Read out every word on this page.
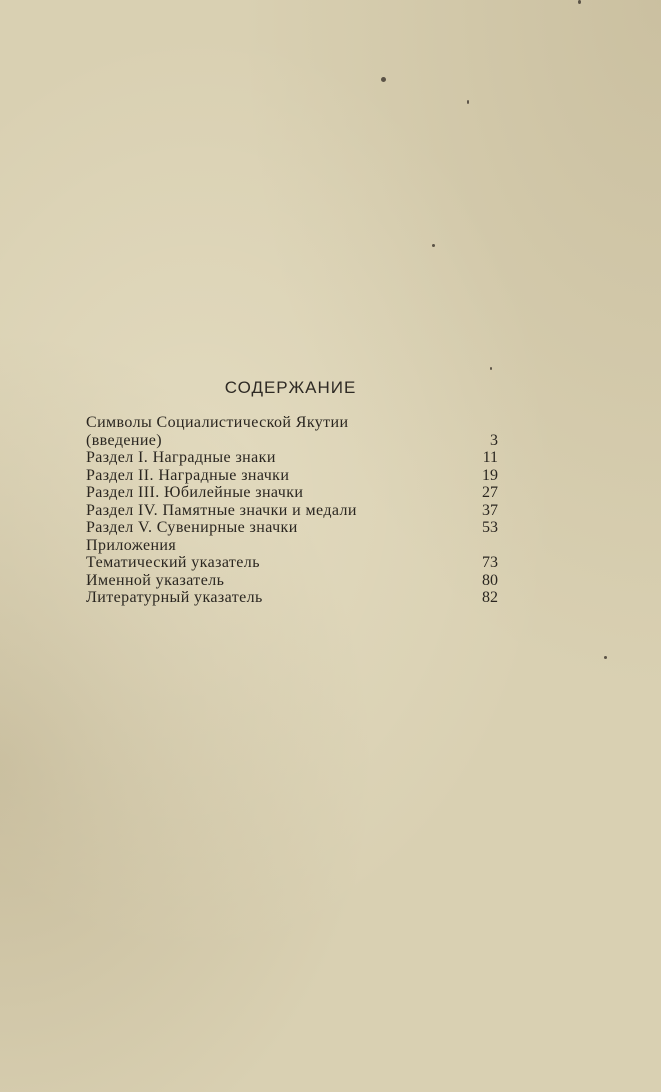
СОДЕРЖАНИЕ
Символы Социалистической Якутии
(введение)	3
Раздел I. Наградные знаки	11
Раздел II. Наградные значки	19
Раздел III. Юбилейные значки	27
Раздел IV. Памятные значки и медали	37
Раздел V. Сувенирные значки	53
Приложения
Тематический указатель	73
Именной указатель	80
Литературный указатель	82
